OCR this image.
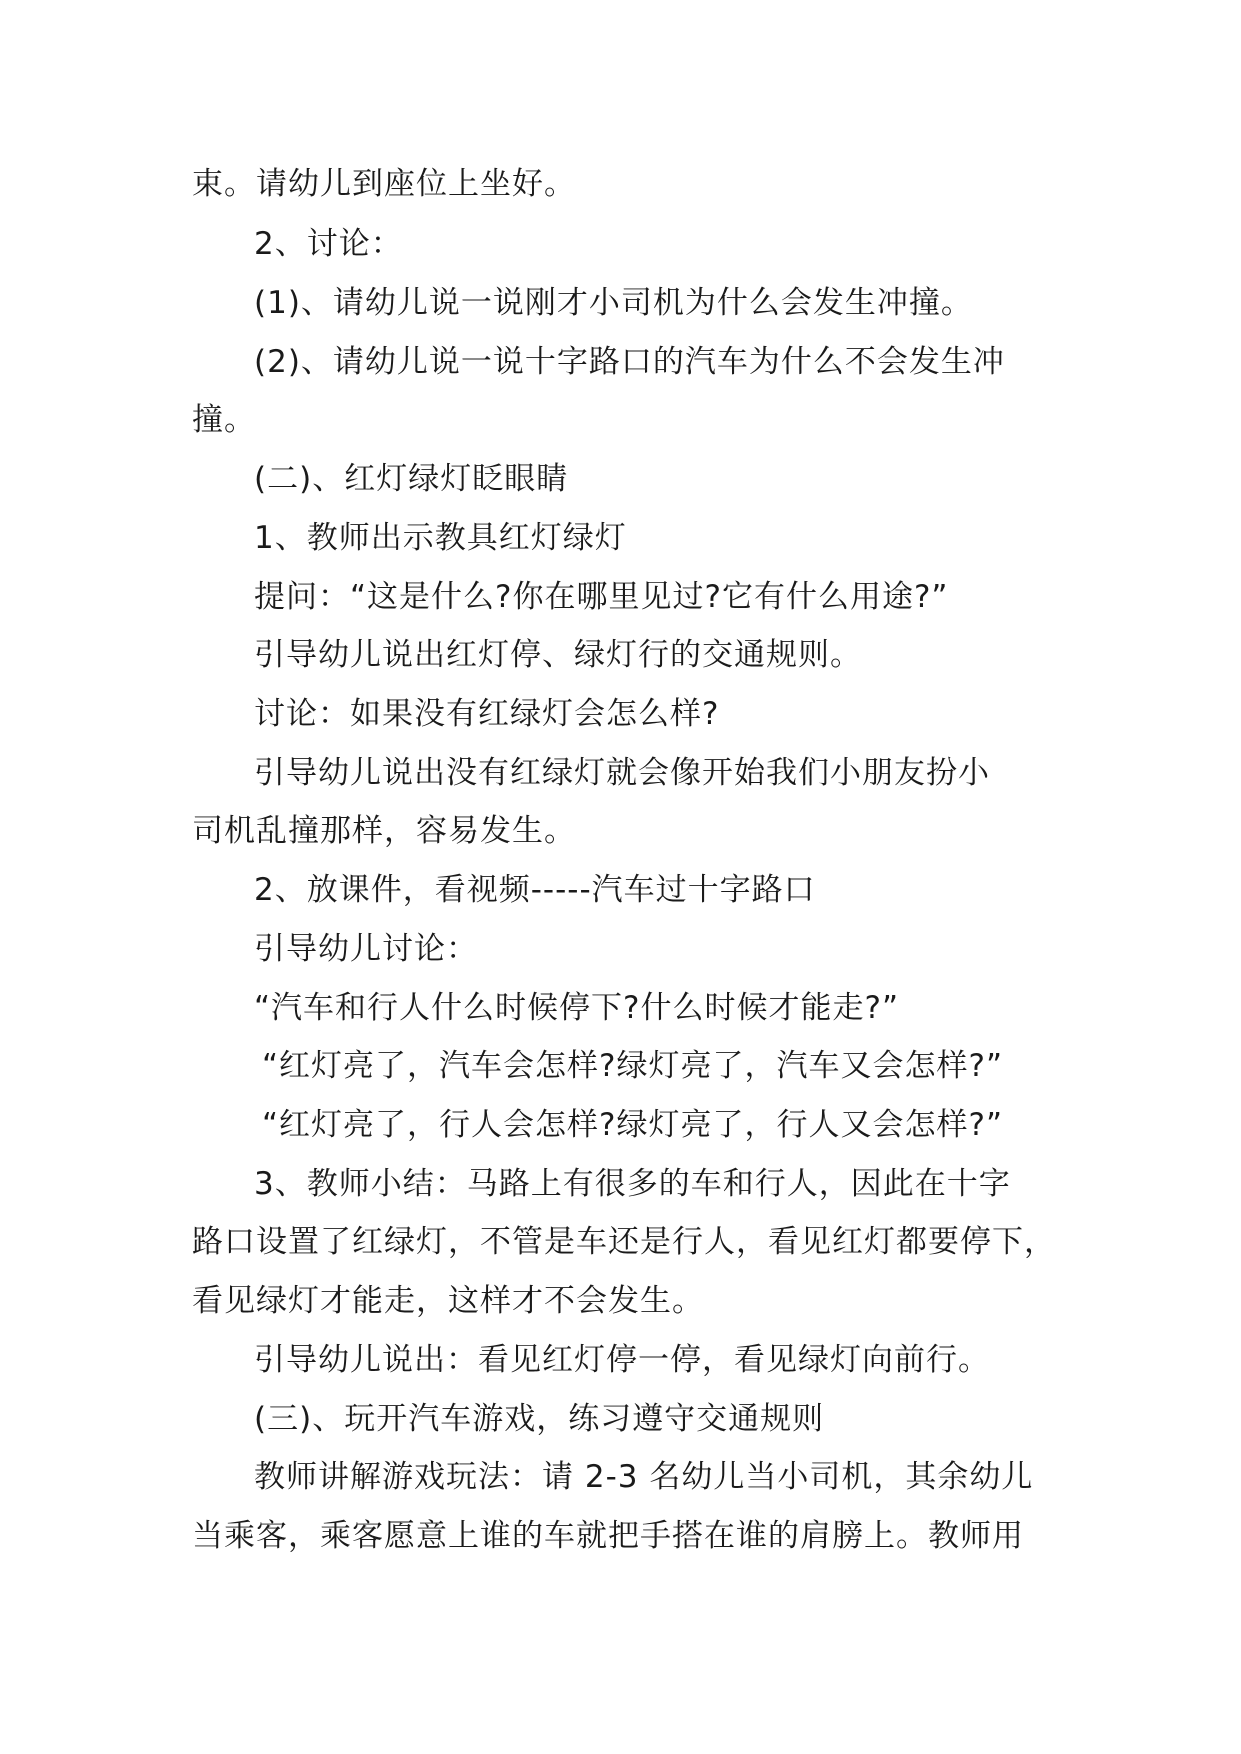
束。请幼儿到座位上坐好。
2、讨论：
(1)、请幼儿说一说刚才小司机为什么会发生冲撞。
(2)、请幼儿说一说十字路口的汽车为什么不会发生冲
撞。
(二)、红灯绿灯眨眼睛
1、教师出示教具红灯绿灯
提问：“这是什么?你在哪里见过?它有什么用途?”
引导幼儿说出红灯停、绿灯行的交通规则。
讨论：如果没有红绿灯会怎么样?
引导幼儿说出没有红绿灯就会像开始我们小朋友扮小
司机乱撞那样，容易发生。
2、放课件，看视频-----汽车过十字路口
引导幼儿讨论：
“汽车和行人什么时候停下?什么时候才能走?”
“红灯亮了，汽车会怎样?绿灯亮了，汽车又会怎样?”
“红灯亮了，行人会怎样?绿灯亮了，行人又会怎样?”
3、教师小结：马路上有很多的车和行人，因此在十字
路口设置了红绿灯，不管是车还是行人，看见红灯都要停下，
看见绿灯才能走，这样才不会发生。
引导幼儿说出：看见红灯停一停，看见绿灯向前行。
(三)、玩开汽车游戏，练习遵守交通规则
教师讲解游戏玩法：请 2-3 名幼儿当小司机，其余幼儿
当乘客，乘客愿意上谁的车就把手搭在谁的肩膀上。教师用
